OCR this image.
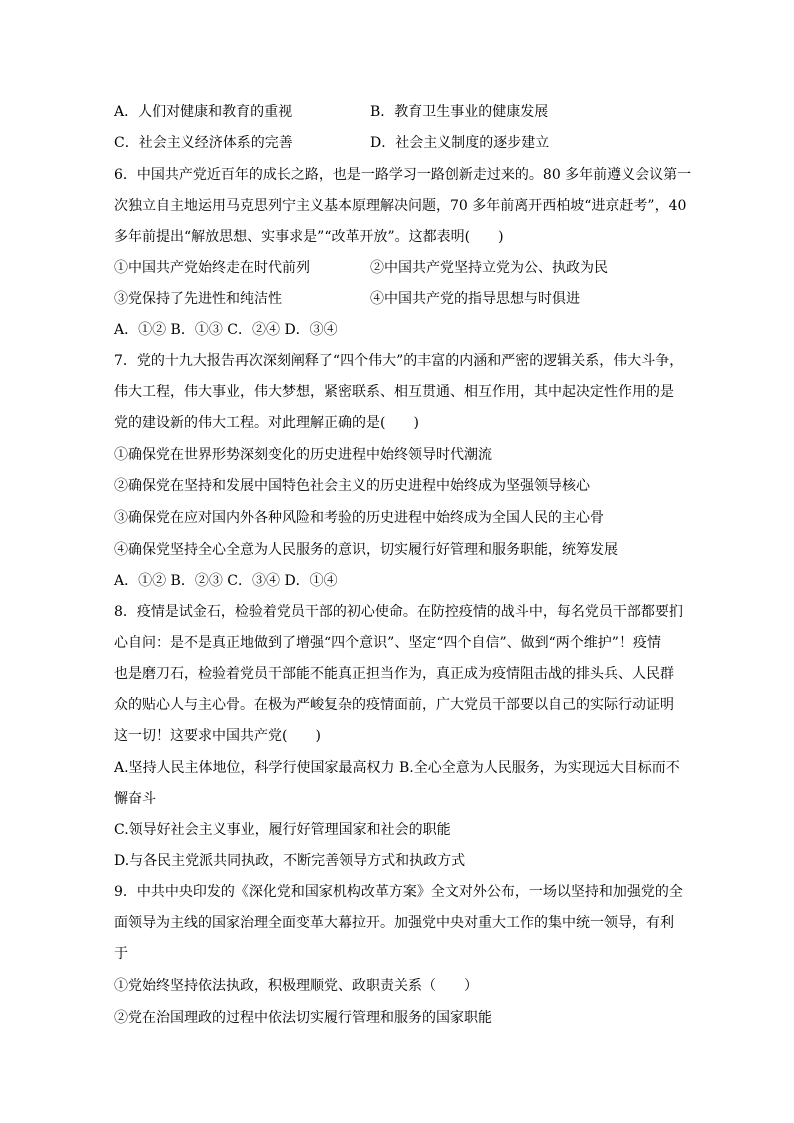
A．人们对健康和教育的重视	B．教育卫生事业的健康发展
C．社会主义经济体系的完善	D．社会主义制度的逐步建立
6．中国共产党近百年的成长之路，也是一路学习一路创新走过来的。80 多年前遵义会议第一
次独立自主地运用马克思列宁主义基本原理解决问题，70 多年前离开西柏坡“进京赶考”，40
多年前提出“解放思想、实事求是”“改革开放”。这都表明(　　)
①中国共产党始终走在时代前列	②中国共产党坚持立党为公、执政为民
③党保持了先进性和纯洁性	④中国共产党的指导思想与时俱进
A．①② B．①③ C．②④ D．③④
7．党的十九大报告再次深刻阐释了“四个伟大”的丰富的内涵和严密的逻辑关系，伟大斗争，
伟大工程，伟大事业，伟大梦想，紧密联系、相互贯通、相互作用，其中起决定性作用的是
党的建设新的伟大工程。对此理解正确的是(　　)
①确保党在世界形势深刻变化的历史进程中始终领导时代潮流
②确保党在坚持和发展中国特色社会主义的历史进程中始终成为坚强领导核心
③确保党在应对国内外各种风险和考验的历史进程中始终成为全国人民的主心骨
④确保党坚持全心全意为人民服务的意识，切实履行好管理和服务职能，统筹发展
A．①② B．②③ C．③④ D．①④
8．疫情是试金石，检验着党员干部的初心使命。在防控疫情的战斗中，每名党员干部都要扪
心自问：是不是真正地做到了增强“四个意识”、坚定“四个自信”、做到“两个维护”！疫情
也是磨刀石，检验着党员干部能不能真正担当作为，真正成为疫情阻击战的排头兵、人民群
众的贴心人与主心骨。在极为严峻复杂的疫情面前，广大党员干部要以自己的实际行动证明
这一切！这要求中国共产党(　　)
A.坚持人民主体地位，科学行使国家最高权力 B.全心全意为人民服务，为实现远大目标而不
懈奋斗
C.领导好社会主义事业，履行好管理国家和社会的职能
D.与各民主党派共同执政，不断完善领导方式和执政方式
9．中共中央印发的《深化党和国家机构改革方案》全文对外公布，一场以坚持和加强党的全
面领导为主线的国家治理全面变革大幕拉开。加强党中央对重大工作的集中统一领导，有利
于
①党始终坚持依法执政，积极理顺党、政职责关系（　　）
②党在治国理政的过程中依法切实履行管理和服务的国家职能
